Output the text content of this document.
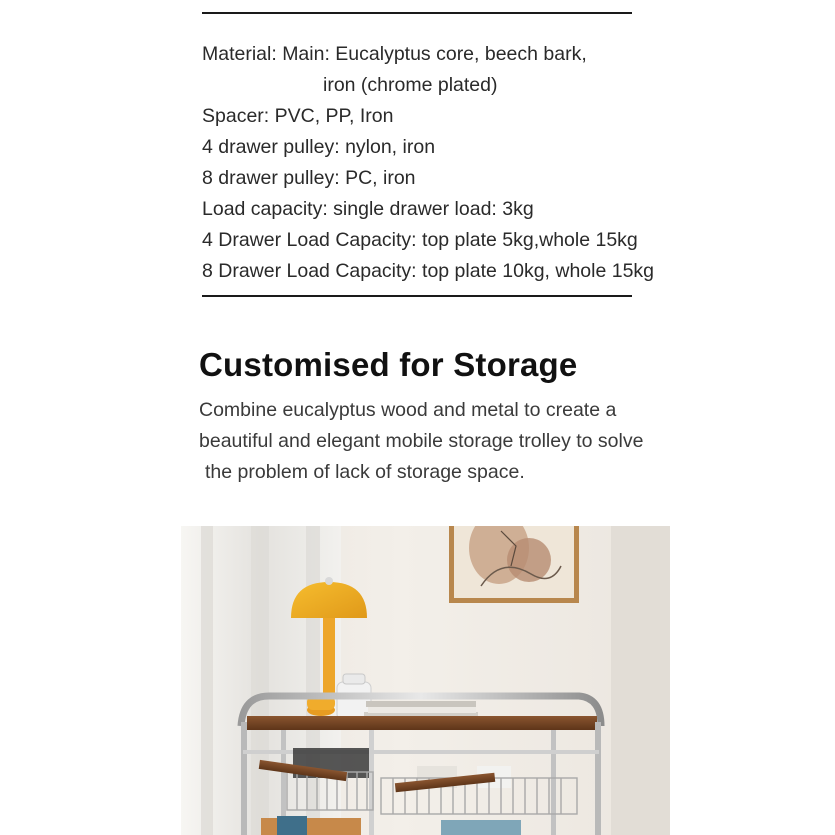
Material: Main: Eucalyptus core, beech bark,
iron (chrome plated)
Spacer: PVC, PP, Iron
4 drawer pulley: nylon, iron
8 drawer pulley: PC, iron
Load capacity: single drawer load: 3kg
4 Drawer Load Capacity: top plate 5kg,whole 15kg
8 Drawer Load Capacity: top plate 10kg, whole 15kg
Customised for Storage
Combine eucalyptus wood and metal to create a
beautiful and elegant mobile storage trolley to solve
the problem of lack of storage space.
